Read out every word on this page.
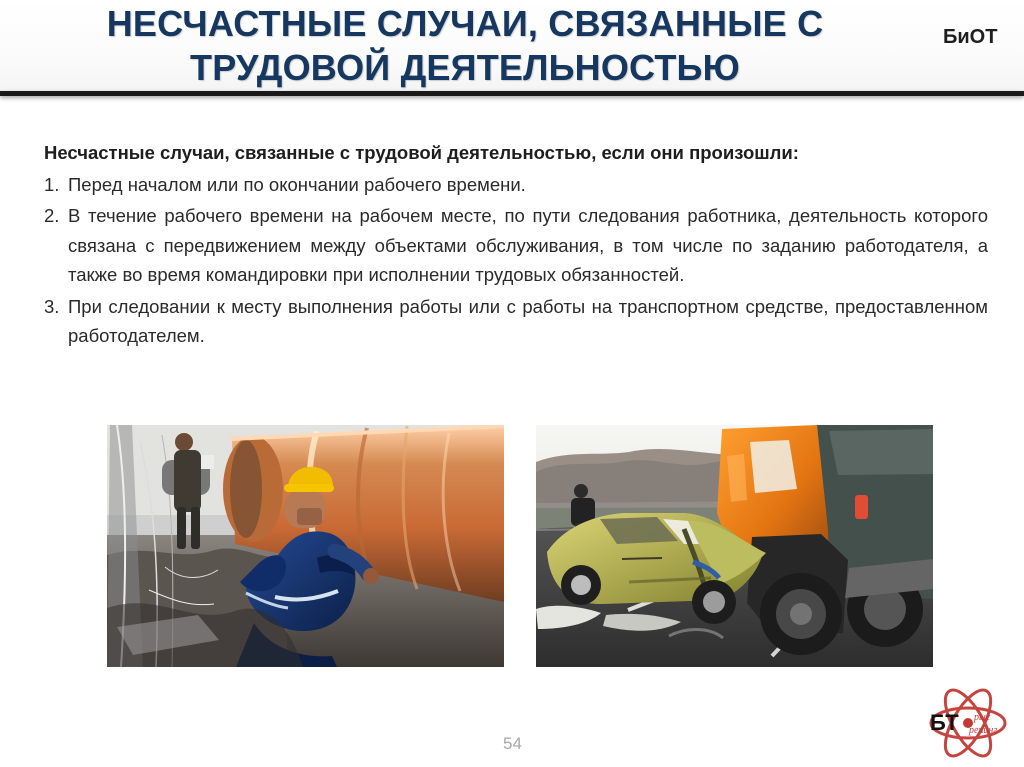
НЕСЧАСТНЫЕ СЛУЧАИ, СВЯЗАННЫЕ С
ТРУДОВОЙ ДЕЯТЕЛЬНОСТЬЮ
БиОТ
Несчастные случаи, связанные с трудовой деятельностью, если они произошли:
1. Перед началом или по окончании рабочего времени.
2. В течение рабочего времени на рабочем месте, по пути следования работника, деятельность которого связана с передвижением между объектами обслуживания, в том числе по заданию работодателя, а также во время командировки при исполнении трудовых обязанностей.
3. При следовании к месту выполнения работы или с работы на транспортном средстве, предоставленном работодателем.
54
БТ рыс
ренинг
